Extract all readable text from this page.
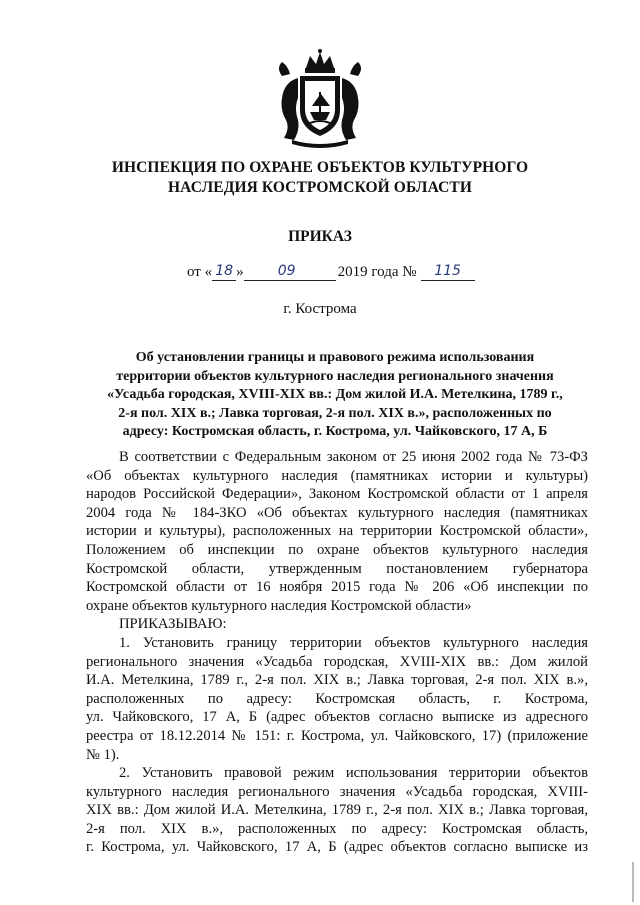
ИНСПЕКЦИЯ ПО ОХРАНЕ ОБЪЕКТОВ КУЛЬТУРНОГО
НАСЛЕДИЯ КОСТРОМСКОЙ ОБЛАСТИ
ПРИКАЗ
от « 18 » 09	2019 года № 115
г. Кострома
Об установлении границы и правового режима использования
территории объектов культурного наследия регионального значения
«Усадьба городская, XVIII-XIX вв.: Дом жилой И.А. Метелкина, 1789 г.,
2-я пол. XIX в.; Лавка торговая, 2-я пол. XIX в.», расположенных по
адресу: Костромская область, г. Кострома, ул. Чайковского, 17 А, Б
В соответствии с Федеральным законом от 25 июня 2002 года № 73-ФЗ
«Об объектах культурного наследия (памятниках истории и культуры)
народов Российской Федерации», Законом Костромской области от 1 апреля
2004 года № 184-ЗКО «Об объектах культурного наследия (памятниках
истории и культуры), расположенных на территории Костромской области»,
Положением об инспекции по охране объектов культурного наследия
Костромской области, утвержденным постановлением губернатора
Костромской области от 16 ноября 2015 года № 206 «Об инспекции по
охране объектов культурного наследия Костромской области»
ПРИКАЗЫВАЮ:
1. Установить границу территории объектов культурного наследия
регионального значения «Усадьба городская, XVIII-XIX вв.: Дом жилой
И.А. Метелкина, 1789 г., 2-я пол. XIX в.; Лавка торговая, 2-я пол. XIX в.»,
расположенных по адресу: Костромская область, г. Кострома,
ул. Чайковского, 17 А, Б (адрес объектов согласно выписке из адресного
реестра от 18.12.2014 № 151: г. Кострома, ул. Чайковского, 17) (приложение
№ 1).
2. Установить правовой режим использования территории объектов
культурного наследия регионального значения «Усадьба городская, XVIII-
XIX вв.: Дом жилой И.А. Метелкина, 1789 г., 2-я пол. XIX в.; Лавка торговая,
2-я пол. XIX в.», расположенных по адресу: Костромская область,
г. Кострома, ул. Чайковского, 17 А, Б (адрес объектов согласно выписке из
